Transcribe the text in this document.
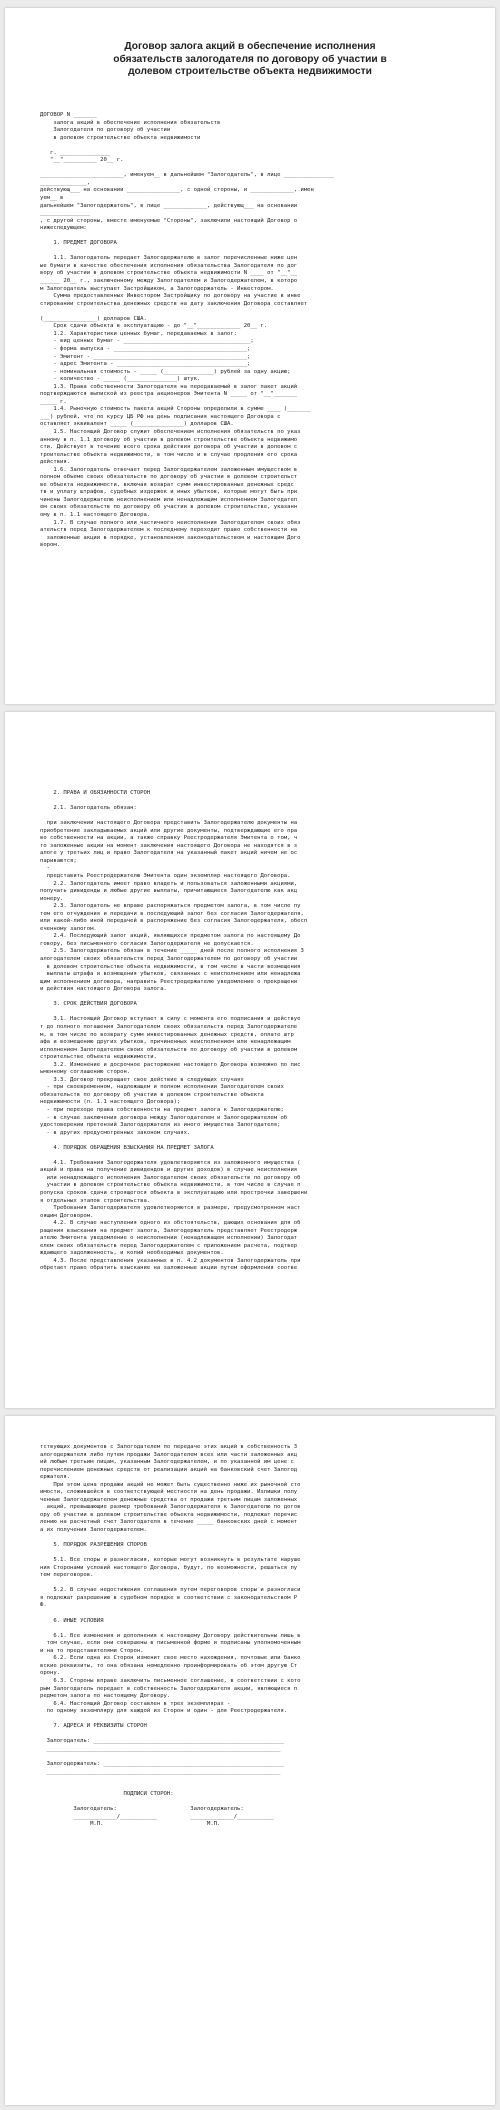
Договор залога акций в обеспечение исполнения
обязательств залогодателя по договору об участии в
долевом строительстве объекта недвижимости
ДОГОВОР N _______
залога акций в обеспечение исполнения обязательств
Залогодателя по договору об участии
в долевом строительстве объекта недвижимости

г. _______________
"__"__________ 20__ г.

_________________________, именуем__ в дальнейшем "Залогодатель", в лице _______________
______________,
действующ___ на основании ________________, с одной стороны, и _____________, имен
уем__ в
дальнейшем "Залогодержатель", в лице _____________, действующ___ на основании
_______________
, с другой стороны, вместе именуемые "Стороны", заключили настоящий Договор о
нижеследующем:

1. ПРЕДМЕТ ДОГОВОРА

1.1. Залогодатель передает Залогодержателю в залог перечисленные ниже цен
ые бумаги в качестве обеспечения исполнения обязательства Залогодателя по дог
вору об участии в долевом строительстве объекта недвижимости N ____ от "__"__
______ 20__ г., заключенному между Залогодателем и Залогодержателем, в которо
м Залогодатель выступает Застройщиком, а Залогодержатель - Инвестором.
Сумма предоставленных Инвестором Застройщику по договору на участие в инве
стировании строительства денежных средств на дату заключения Договора составляет

(________________) долларов США.
Срок сдачи объекта в эксплуатацию - до "__"_____________ 20__ г.
1.2. Характеристики ценных бумаг, передаваемых в залог:
- вид ценных бумаг - ______________________________________;
- форма выпуска - ________________________________________;
- Эмитент - ______________________________________________;
- адрес Эмитента - _______________________________________;
- номинальная стоимость - _____ (_______________) рублей за одну акцию;
- количество - _____ (_______________) штук.
1.3. Права собственности Залогодателя на передаваемый в залог пакет акций
подтверждаются выпиской из реестра акционеров Эмитента N _____ от "__"_______
_____ г.
1.4. Рыночную стоимость пакета акций Стороны определили в сумме ____ (_______
___) рублей, что по курсу ЦБ РФ на день подписания настоящего Договора с
оставляет эквивалент _____ (_______________) долларов США.
1.5. Настоящий Договор служит обеспечением исполнения обязательств по указ
анному в п. 1.1 договору об участии в долевом строительстве объекта недвижимо
сти. Действует в течение всего срока действия договора об участии в долевом с
троительстве объекта недвижимости, в том числе и в случае продления его срока
действия.
1.6. Залогодатель отвечает перед Залогодержателем заложенным имуществом в
полном объеме своих обязательств по договору об участии в долевом строительст
ве объекта недвижимости, включая возврат сумм инвестированных денежных средс
тв и уплату штрафов, судебных издержек и иных убытков, которые могут быть при
чинены Залогодержателю неисполнением или ненадлежащим исполнением Залогодател
ем своих обязательств по договору об участии в долевом строительстве, указанн
ому в п. 1.1 настоящего Договора.
1.7. В случае полного или частичного неисполнения Залогодателем своих обяз
ательств перед Залогодержателем к последнему переходит право собственности на
заложенные акции в порядке, установленном законодательством и настоящим Дого
вором.
2. ПРАВА И ОБЯЗАННОСТИ СТОРОН

2.1. Залогодатель обязан:

при заключении настоящего Договора представить Залогодержателю документы на
приобретение закладываемых акций или другие документы, подтверждающие его пра
во собственности на акции, а также справку Реестродержателя Эмитента о том, ч
то заложенные акции на момент заключения настоящего Договора не находятся в з
алоге у третьих лиц и право Залогодателя на указанный пакет акций ничем не ос
париваются;
-
представить Реестродержателю Эмитента один экземпляр настоящего Договора.
2.2. Залогодатель имеет право владеть и пользоваться заложенными акциями,
получать дивиденды и любые другие выплаты, причитающиеся Залогодателю как акц
ионеру.
2.3. Залогодатель не вправе распоряжаться предметом залога, в том числе пу
тем его отчуждения и передачи в последующий залог без согласия Залогодержателя,
или какой-либо иной передачей в распоряжение без согласия Залогодержателя, обесп
еченному залогом.
2.4. Последующий залог акций, являющихся предметом залога по настоящему До
говору, без письменного согласия Залогодержателя не допускается.
2.5. Залогодержатель обязан в течение _____ дней после полного исполнения З
алогодателем своих обязательств перед Залогодержателем по договору об участии
в долевом строительстве объекта недвижимости, в том числе в части возмещения
выплаты штрафа и возмещения убытков, связанных с неисполнением или ненадлежа
щим исполнением договора, направить Реестродержателю уведомление о прекращени
и действия настоящего Договора залога.

3. СРОК ДЕЙСТВИЯ ДОГОВОРА

3.1. Настоящий Договор вступает в силу с момента его подписания и действуе
т до полного погашения Залогодателем своих обязательств перед Залогодержателе
м, в том числе по возврату сумм инвестированных денежных средств, оплате штр
афа и возмещению других убытков, причиненных неисполнением или ненадлежащим
исполнением Залогодателем своих обязательств по договору об участии в долевом
строительстве объекта недвижимости.
3.2. Изменение и досрочное расторжение настоящего Договора возможно по пис
ьменному соглашению сторон.
3.3. Договор прекращает свое действие в следующих случаях
- при своевременном, надлежащем и полном исполнении Залогодателем своих
обязательств по договору об участии в долевом строительстве объекта
недвижимости (п. 1.1 настоящего Договора);
- при переходе права собственности на предмет залога к Залогодержателю;
- в случае заключения договора между Залогодателем и Залогодержателем об
удостоверении претензий Залогодержателя из иного имущества Залогодателя;
- в других предусмотренных законом случаях.

4. ПОРЯДОК ОБРАЩЕНИЯ ВЗЫСКАНИЯ НА ПРЕДМЕТ ЗАЛОГА

4.1. Требования Залогодержателя удовлетворяются из заложенного имущества (
акций и права на получение дивидендов и других доходов) в случае неисполнения
или ненадлежащего исполнения Залогодателем своих обязательств по договору об
участии в долевом строительстве объекта недвижимости, в том числе в случае п
ропуска сроков сдачи строящегося объекта в эксплуатацию или прострочки завершени
я отдельных этапов строительства.
Требования Залогодержателя удовлетворяются в размере, предусмотренном наст
оящим Договором.
4.2. В случае наступления одного из обстоятельств, дающих основания для об
ращения взыскания на предмет залога, Залогодержатель представляет Реестродерж
ателю Эмитента уведомление о неисполнении (ненадлежащем исполнении) Залогодат
елем своих обязательств перед Залогодержателем с приложением расчета, подтвер
ждающего задолженность, и копий необходимых документов.
4.3. После представления указанных в п. 4.2 документов Залогодержатель при
обретает право обратить взыскание на заложенные акции путем оформления соотве
тствующих документов с Залогодателем по передаче этих акций в собственность З
алогодержателя либо путем продажи Залогодателем всех или части заложенных акц
ий любым третьим лицам, указанным Залогодержателем, и по указанной им цене с
перечислением денежных средств от реализации акций на банковский счет Залогод
ержателя.
При этом цена продажи акций не может быть существенно ниже их рыночной сто
имости, сложившейся в соответствующей местности на день продажи. Излишки полу
ченные Залогодержателем денежные средства от продажи третьим лицам заложенных
акций, превышающие размер требований Залогодержателя к Залогодателю по догов
ору об участии в долевом строительстве объекта недвижимости, подлежат перечис
лению на расчетный счет Залогодателя в течение _____ банковских дней с момент
а их получения Залогодержателем.

5. ПОРЯДОК РАЗРЕШЕНИЯ СПОРОВ

5.1. Все споры и разногласия, которые могут возникнуть в результате наруше
ния Сторонами условий настоящего Договора, будут, по возможности, решаться пу
тем переговоров.

5.2. В случае недостижения соглашения путем переговоров споры и разногласи
я подлежат разрешению в судебном порядке в соответствии с законодательством Р
Ф.

6. ИНЫЕ УСЛОВИЯ

6.1. Все изменения и дополнения к настоящему Договору действительны лишь в
том случае, если они совершены в письменной форме и подписаны уполномоченным
и на то представителями Сторон.
6.2. Если одна из Сторон изменит свое место нахождения, почтовые или банко
вские реквизиты, то она обязана немедленно проинформировать об этом другую Ст
орону.
6.3. Стороны вправе заключить письменное соглашение, в соответствии с кото
рым Залогодатель передает в собственность Залогодержателя акции, являющиеся п
редметом залога по настоящему Договору.
6.4. Настоящий Договор составлен в трех экземплярах -
по одному экземпляру для каждой из Сторон и один - для Реестродержателя.

7. АДРЕСА И РЕКВИЗИТЫ СТОРОН

Залогодатель: _________________________________________________________
______________________________________________________________________

Залогодержатель: ______________________________________________________
______________________________________________________________________

ПОДПИСИ СТОРОН:

Залогодатель:                      Залогодержатель:
_____________/___________          _____________/___________
М.П.                               М.П.
